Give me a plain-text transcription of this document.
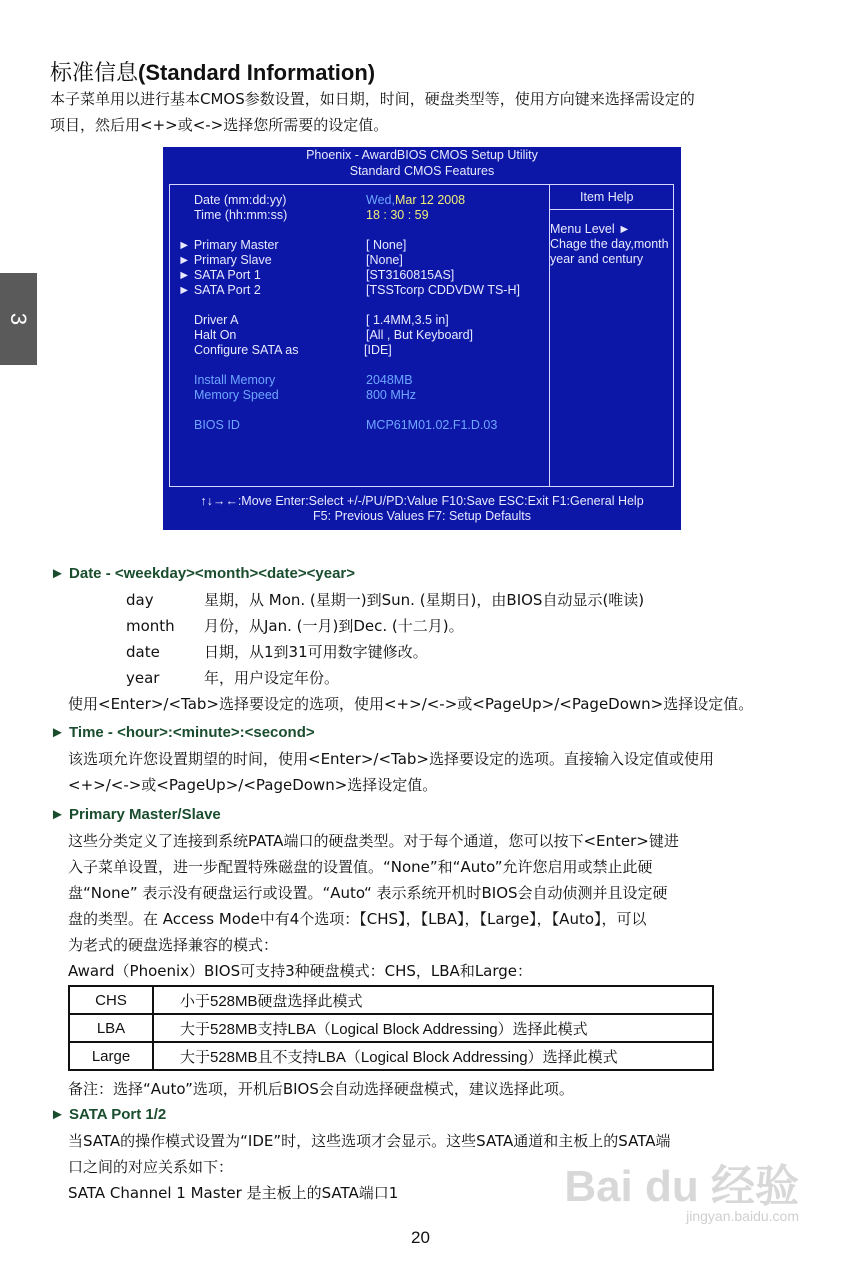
3
标准信息(Standard Information)
本子菜单用以进行基本CMOS参数设置，如日期，时间，硬盘类型等，使用方向键来选择需设定的
项目，然后用<+>或<->选择您所需要的设定值。
Phoenix - AwardBIOS CMOS Setup Utility
Standard CMOS Features
Date (mm:dd:yy)	Wed,Mar 12 2008
Time (hh:mm:ss)	18 : 30 : 59
► Primary Master	[ None]
► Primary Slave	[None]
► SATA Port 1	[ST3160815AS]
► SATA Port 2	[TSSTcorp CDDVDW TS-H]
Driver A	[ 1.4MM,3.5 in]
Halt On	[All , But Keyboard]
Configure SATA as	[IDE]
Install Memory	2048MB
Memory Speed	800 MHz
BIOS ID	MCP61M01.02.F1.D.03
Item Help
Menu Level ►
Chage the day,month
year and century
↑↓→←:Move Enter:Select +/-/PU/PD:Value F10:Save ESC:Exit F1:General Help
F5: Previous Values F7: Setup Defaults
► Date - <weekday><month><date><year>
day	星期，从 Mon. (星期一)到Sun. (星期日)，由BIOS自动显示(唯读)
month 月份，从Jan. (一月)到Dec. (十二月)。
date	日期，从1到31可用数字键修改。
year	年，用户设定年份。
使用<Enter>/<Tab>选择要设定的选项，使用<+>/<->或<PageUp>/<PageDown>选择设定值。
► Time - <hour>:<minute>:<second>
该选项允许您设置期望的时间，使用<Enter>/<Tab>选择要设定的选项。直接输入设定值或使用
<+>/<->或<PageUp>/<PageDown>选择设定值。
► Primary Master/Slave
这些分类定义了连接到系统PATA端口的硬盘类型。对于每个通道，您可以按下<Enter>键进
入子菜单设置，进一步配置特殊磁盘的设置值。“None”和“Auto”允许您启用或禁止此硬
盘“None” 表示没有硬盘运行或设置。“Auto“ 表示系统开机时BIOS会自动侦测并且设定硬
盘的类型。在 Access Mode中有4个选项：【CHS】，【LBA】，【Large】，【Auto】，可以
为老式的硬盘选择兼容的模式：
Award（Phoenix）BIOS可支持3种硬盘模式：CHS，LBA和Large：
CHS	小于528MB硬盘选择此模式
LBA	大于528MB支持LBA（Logical Block Addressing）选择此模式
Large	大于528MB且不支持LBA（Logical Block Addressing）选择此模式
备注：选择“Auto”选项，开机后BIOS会自动选择硬盘模式，建议选择此项。
► SATA Port 1/2
当SATA的操作模式设置为“IDE”时，这些选项才会显示。这些SATA通道和主板上的SATA端
口之间的对应关系如下：
SATA Channel 1 Master 是主板上的SATA端口1	Bai du 经验
jingyan.baidu.com
20
